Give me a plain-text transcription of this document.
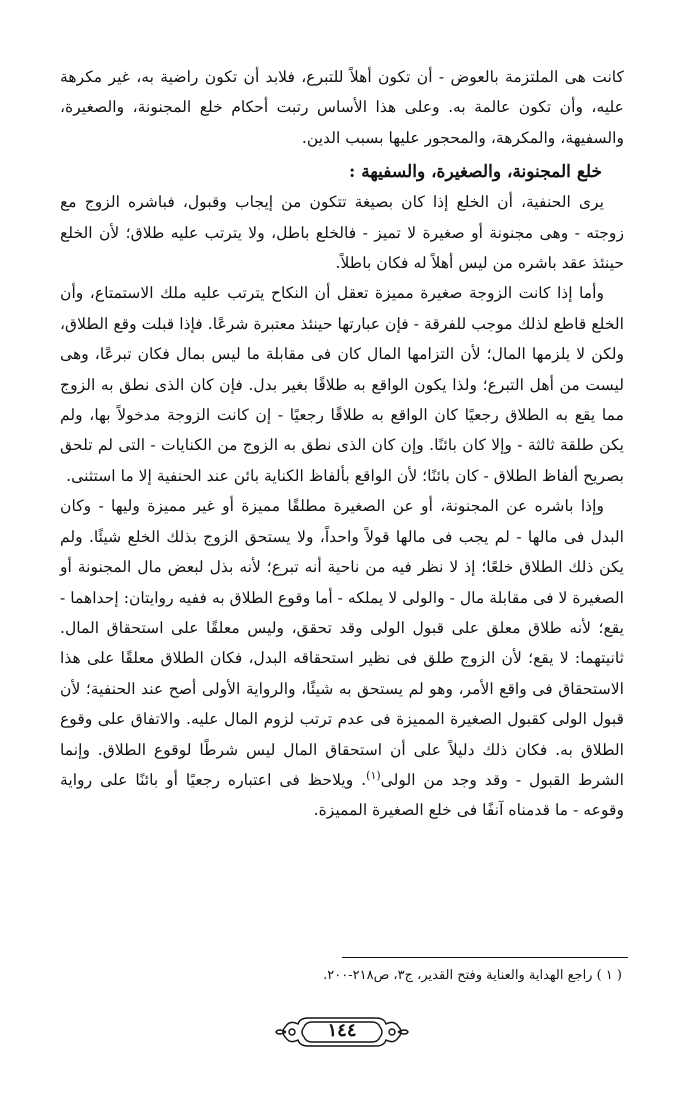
كانت هى الملتزمة بالعوض - أن تكون أهلاً للتبرع، فلابد أن تكون راضية به، غير مكرهة عليه، وأن تكون عالمة به. وعلى هذا الأساس رتبت أحكام خلع المجنونة، والصغيرة، والسفيهة، والمكرهة، والمحجور عليها بسبب الدين.

خلع المجنونة، والصغيرة، والسفيهة :

يرى الحنفية، أن الخلع إذا كان بصيغة تتكون من إيجاب وقبول، فباشره الزوج مع زوجته - وهى مجنونة أو صغيرة لا تميز - فالخلع باطل، ولا يترتب عليه طلاق؛ لأن الخلع حينئذ عقد باشره من ليس أهلاً له فكان باطلاً.

وأما إذا كانت الزوجة صغيرة مميزة تعقل أن النكاح يترتب عليه ملك الاستمتاع، وأن الخلع قاطع لذلك موجب للفرقة - فإن عبارتها حينئذ معتبرة شرعًا. فإذا قبلت وقع الطلاق، ولكن لا يلزمها المال؛ لأن التزامها المال كان فى مقابلة ما ليس بمال فكان تبرعًا، وهى ليست من أهل التبرع؛ ولذا يكون الواقع به طلاقًا بغير بدل. فإن كان الذى نطق به الزوج مما يقع به الطلاق رجعيًا كان الواقع به طلاقًا رجعيًا - إن كانت الزوجة مدخولاً بها، ولم يكن طلقة ثالثة - وإلا كان بائنًا. وإن كان الذى نطق به الزوج من الكنايات - التى لم تلحق بصريح ألفاظ الطلاق - كان بائنًا؛ لأن الواقع بألفاظ الكناية بائن عند الحنفية إلا ما استثنى.

وإذا باشره عن المجنونة، أو عن الصغيرة مطلقًا مميزة أو غير مميزة وليها - وكان البدل فى مالها - لم يجب فى مالها قولاً واحداً، ولا يستحق الزوج بذلك الخلع شيئًا. ولم يكن ذلك الطلاق خلعًا؛ إذ لا نظر فيه من ناحية أنه تبرع؛ لأنه بذل لبعض مال المجنونة أو الصغيرة لا فى مقابلة مال - والولى لا يملكه - أما وقوع الطلاق به ففيه روايتان: إحداهما - يقع؛ لأنه طلاق معلق على قبول الولى وقد تحقق، وليس معلقًا على استحقاق المال. ثانيتهما: لا يقع؛ لأن الزوج طلق فى نظير استحقاقه البدل، فكان الطلاق معلقًا على هذا الاستحقاق فى واقع الأمر، وهو لم يستحق به شيئًا، والرواية الأولى أصح عند الحنفية؛ لأن قبول الولى كقبول الصغيرة المميزة فى عدم ترتب لزوم المال عليه. والاتفاق على وقوع الطلاق به. فكان ذلك دليلاً على أن استحقاق المال ليس شرطًا لوقوع الطلاق. وإنما الشرط القبول - وقد وجد من الولى$^{(١)}$. ويلاحظ فى اعتباره رجعيًا أو بائنًا على رواية وقوعه - ما قدمناه آنفًا فى خلع الصغيرة المميزة.

( ١ ) راجع الهداية والعناية وفتح القدير، ج٣، ص٢١٨-٢٠٠.
١٤٤
